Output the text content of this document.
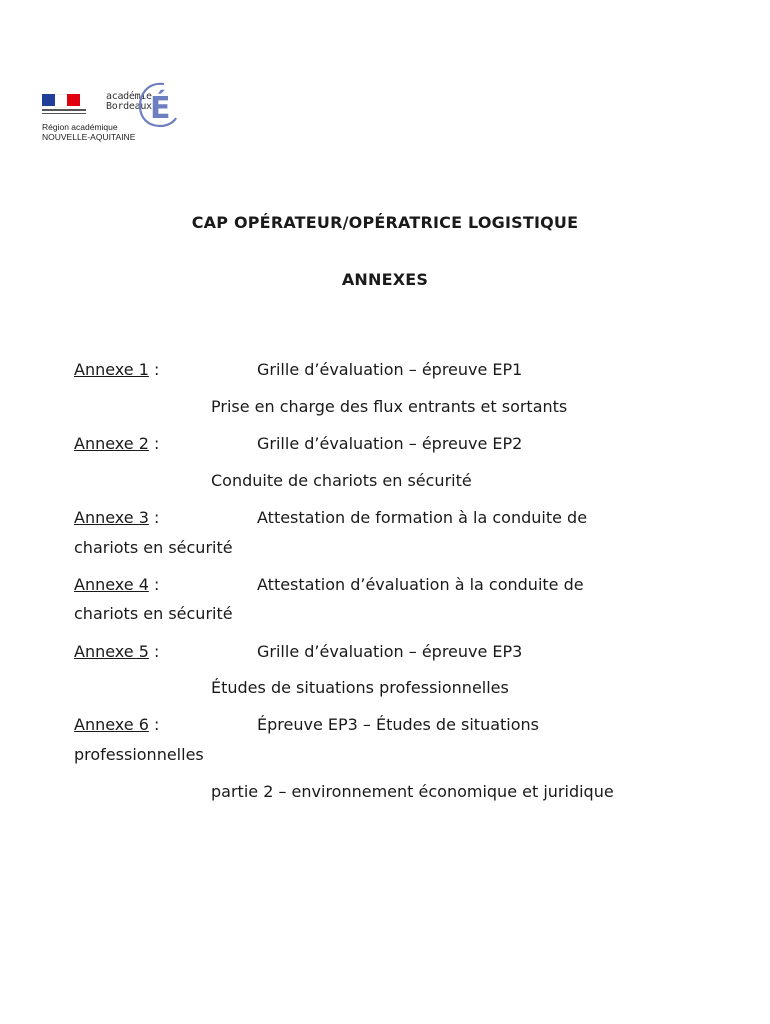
académie
Bordeaux
É
Région académique
NOUVELLE-AQUITAINE
CAP OPÉRATEUR/OPÉRATRICE LOGISTIQUE
ANNEXES
Annexe 1 :	Grille d’évaluation – épreuve EP1
Prise en charge des flux entrants et sortants
Annexe 2 :	Grille d’évaluation – épreuve EP2
Conduite de chariots en sécurité
Annexe 3 :	Attestation de formation à la conduite de
chariots en sécurité
Annexe 4 :	Attestation d’évaluation à la conduite de
chariots en sécurité
Annexe 5 :	Grille d’évaluation – épreuve EP3
Études de situations professionnelles
Annexe 6 :	Épreuve EP3 – Études de situations
professionnelles
partie 2 – environnement économique et juridique
